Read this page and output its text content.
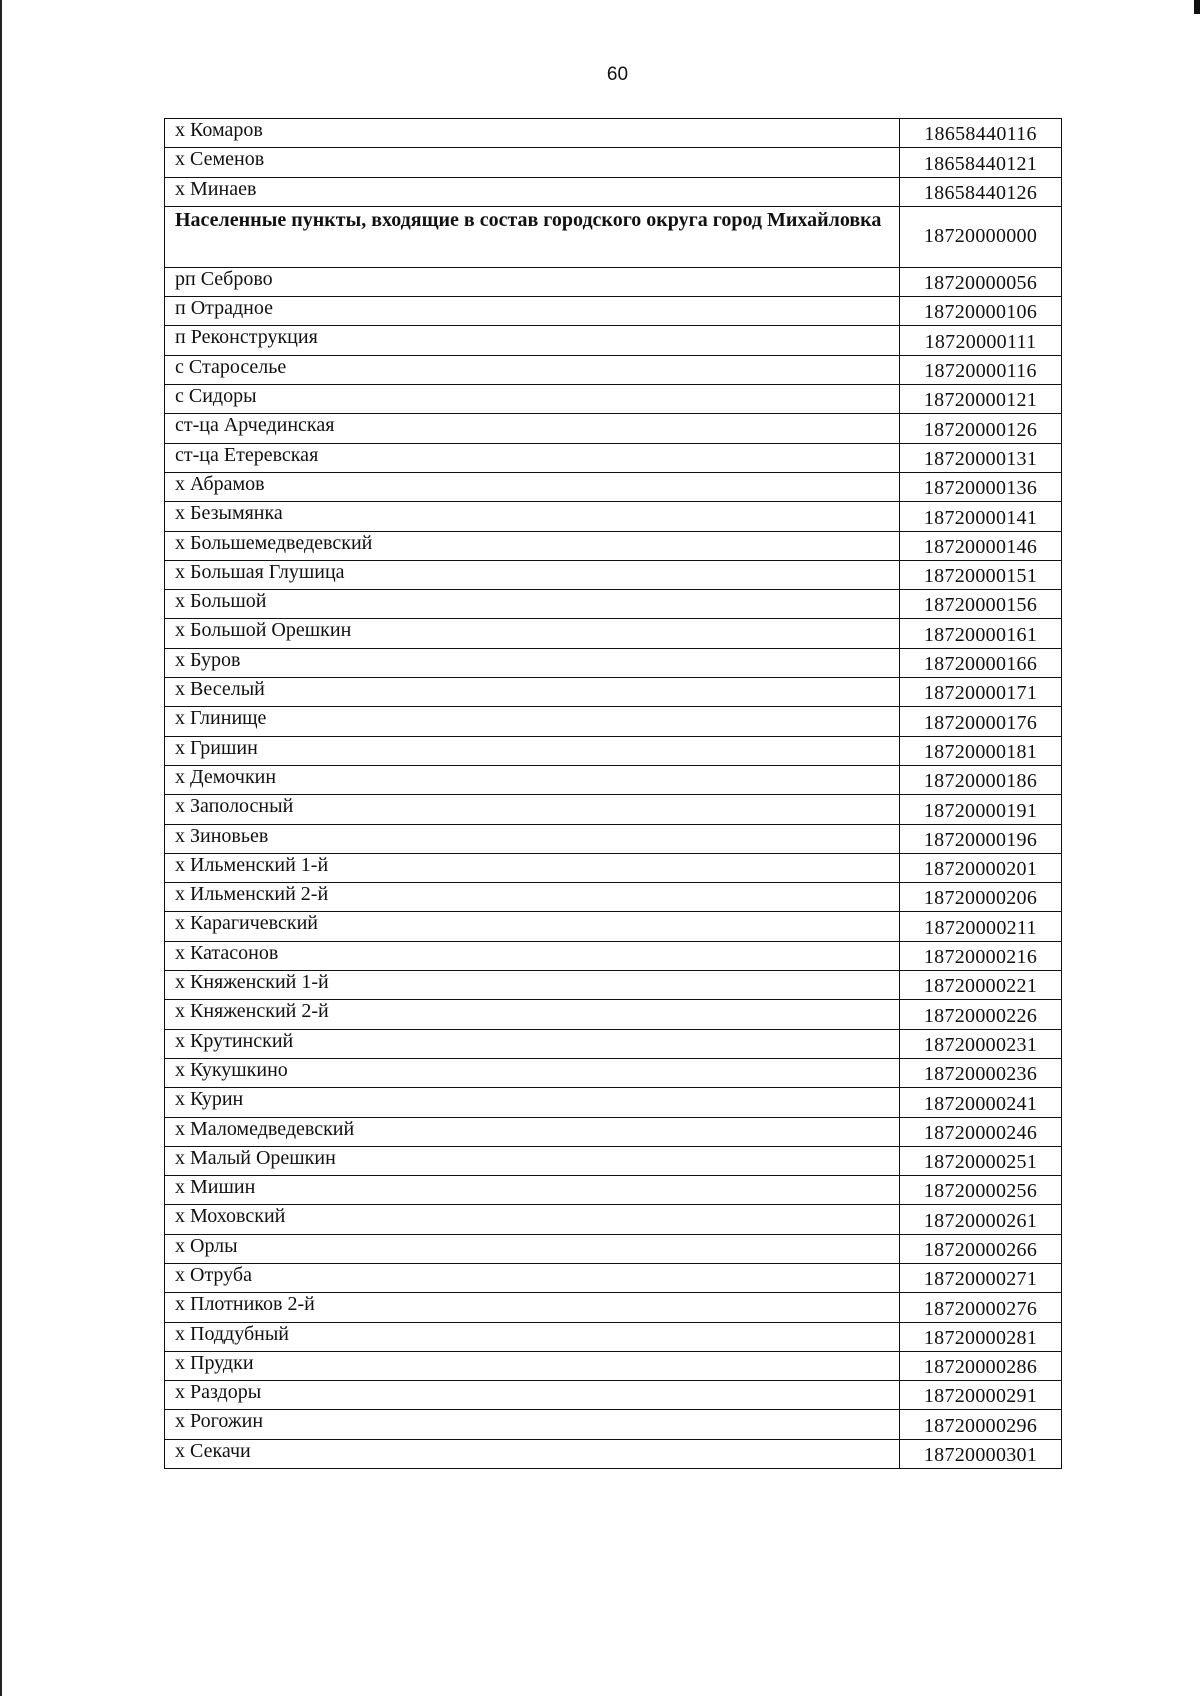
60
х Комаров	18658440116
х Семенов	18658440121
х Минаев	18658440126
Населенные пункты, входящие в состав городского округа город Михайловка	18720000000
рп Себрово	18720000056
п Отрадное	18720000106
п Реконструкция	18720000111
с Староселье	18720000116
с Сидоры	18720000121
ст-ца Арчединская	18720000126
ст-ца Етеревская	18720000131
х Абрамов	18720000136
х Безымянка	18720000141
х Большемедведевский	18720000146
х Большая Глушица	18720000151
х Большой	18720000156
х Большой Орешкин	18720000161
х Буров	18720000166
х Веселый	18720000171
х Глинище	18720000176
х Гришин	18720000181
х Демочкин	18720000186
х Заполосный	18720000191
х Зиновьев	18720000196
х Ильменский 1-й	18720000201
х Ильменский 2-й	18720000206
х Карагичевский	18720000211
х Катасонов	18720000216
х Княженский 1-й	18720000221
х Княженский 2-й	18720000226
х Крутинский	18720000231
х Кукушкино	18720000236
х Курин	18720000241
х Маломедведевский	18720000246
х Малый Орешкин	18720000251
х Мишин	18720000256
х Моховский	18720000261
х Орлы	18720000266
х Отруба	18720000271
х Плотников 2-й	18720000276
х Поддубный	18720000281
х Прудки	18720000286
х Раздоры	18720000291
х Рогожин	18720000296
х Секачи	18720000301
